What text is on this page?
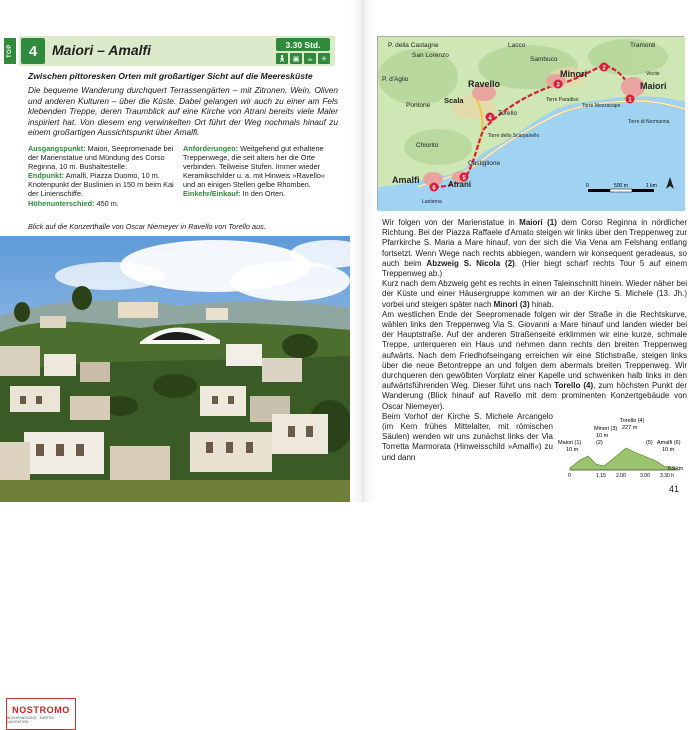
TOP	4	Maiori – Amalfi	3.30 Std.
🚶︎ ▣	☕︎	☀︎
Zwischen pittoresken Orten mit großartiger Sicht auf die Meeresküste
Die bequeme Wanderung durchquert Terrassengärten – mit Zitronen, Wein, Oliven und anderen Kulturen – über die Küste. Dabei gelangen wir auch zu einer am Fels klebenden Treppe, deren Traumblick auf eine Kirche von Atrani bereits viele Maler inspiriert hat. Von diesem eng verwinkelten Ort führt der Weg nochmals hinauf zu einem großartigen Aussichtspunkt über Amalfi.
Ausgangspunkt: Maiori, Seepromenade bei der Marienstatue und Mündung des Corso Reginna, 10 m. Bushaltestelle.
Endpunkt: Amalfi, Piazza Duomo, 10 m. Knotenpunkt der Buslinien in 150 m beim Kai der Linienschiffe.
Höhenunterschied: 450 m.
Anforderungen: Weitgehend gut erhaltene Treppenwege, die seit alters her die Orte verbinden. Teilweise Stufen. Immer wieder Keramikschilder u. a. mit Hinweis »Ravello« und an einigen Stellen gelbe Rhomben.
Einkehr/Einkauf: In den Orten.
Blick auf die Konzerthalle von Oscar Niemeyer in Ravello von Torello aus.
NOSTROMO
BUCHHANDLUNG · KARTEN · NAVIGATION
1
2
3
4
5
6
P. della Castagne
San Lorenzo
Ravello
Minori
Maiori
P. d'Aglio
Scala
Pontone
Torello
Chiorito
Castiglione
Amalfi	Atrani
Lacco
Sambuco
Torre Paradiso
Torre Mezzacape
Torre di Normanna
Torre dello Scarpariello
Lanterna
Tramonti
Vecite
0	500 m	1 km

Wir folgen von der Marienstatue in Maiori (1) dem Corso Reginna in nördlicher Richtung. Bei der Piazza Raffaele d'Amato steigen wir links über den Treppenweg zur Pfarrkirche S. Maria a Mare hinauf, von der sich die Via Vena am Felshang entlang fortsetzt. Wenn Wege nach rechts abbiegen, wandern wir konsequent geradeaus, so auch beim Abzweig S. Nicola (2). (Hier biegt scharf rechts Tour 5 auf einem Treppenweg ab.)

Kurz nach dem Abzweig geht es rechts in einen Taleinschnitt hinein. Wieder näher bei der Küste und einer Häusergruppe kommen wir an der Kirche S. Michele (13. Jh.) vorbei und steigen später nach Minori (3) hinab.

Am westlichen Ende der Seepromenade folgen wir der Straße in die Rechtskurve, wählen links den Treppenweg Via S. Giovanni a Mare hinauf und landen wieder bei der Hauptstraße. Auf der anderen Straßenseite erklimmen wir eine kurze, schmale Treppe, unterqueren ein Haus und nehmen dann rechts den breiten Treppenweg aufwärts. Nach dem Friedhofseingang erreichen wir eine Stichstraße, steigen links über die neue Betontreppe an und folgen dem abermals breiten Treppenweg. Wir durchqueren den gewölbten Vorplatz einer Kapelle und schwenken halb links in den aufwärtsführenden Weg. Dieser führt uns nach Torello (4), zum höchsten Punkt der Wanderung (Blick hinauf auf Ravello mit dem prominenten Konzertgebäude von Oscar Niemeyer).

Beim Vorhof der Kirche S. Michele Arcangelo (im Kern frühes Mittelalter, mit römischen Säulen) wenden wir uns zunächst links der Via Torretta Marmorata (Hinweisschild »Amalfi«) zu und dann

Maiori (1)
10 m
Minori (3)
10 m
Torello (4)
227 m
Amalfi (6)
10 m
(2)	(5)
0	1.15 2.00	3.00 3.30 h
6.9 km
41
